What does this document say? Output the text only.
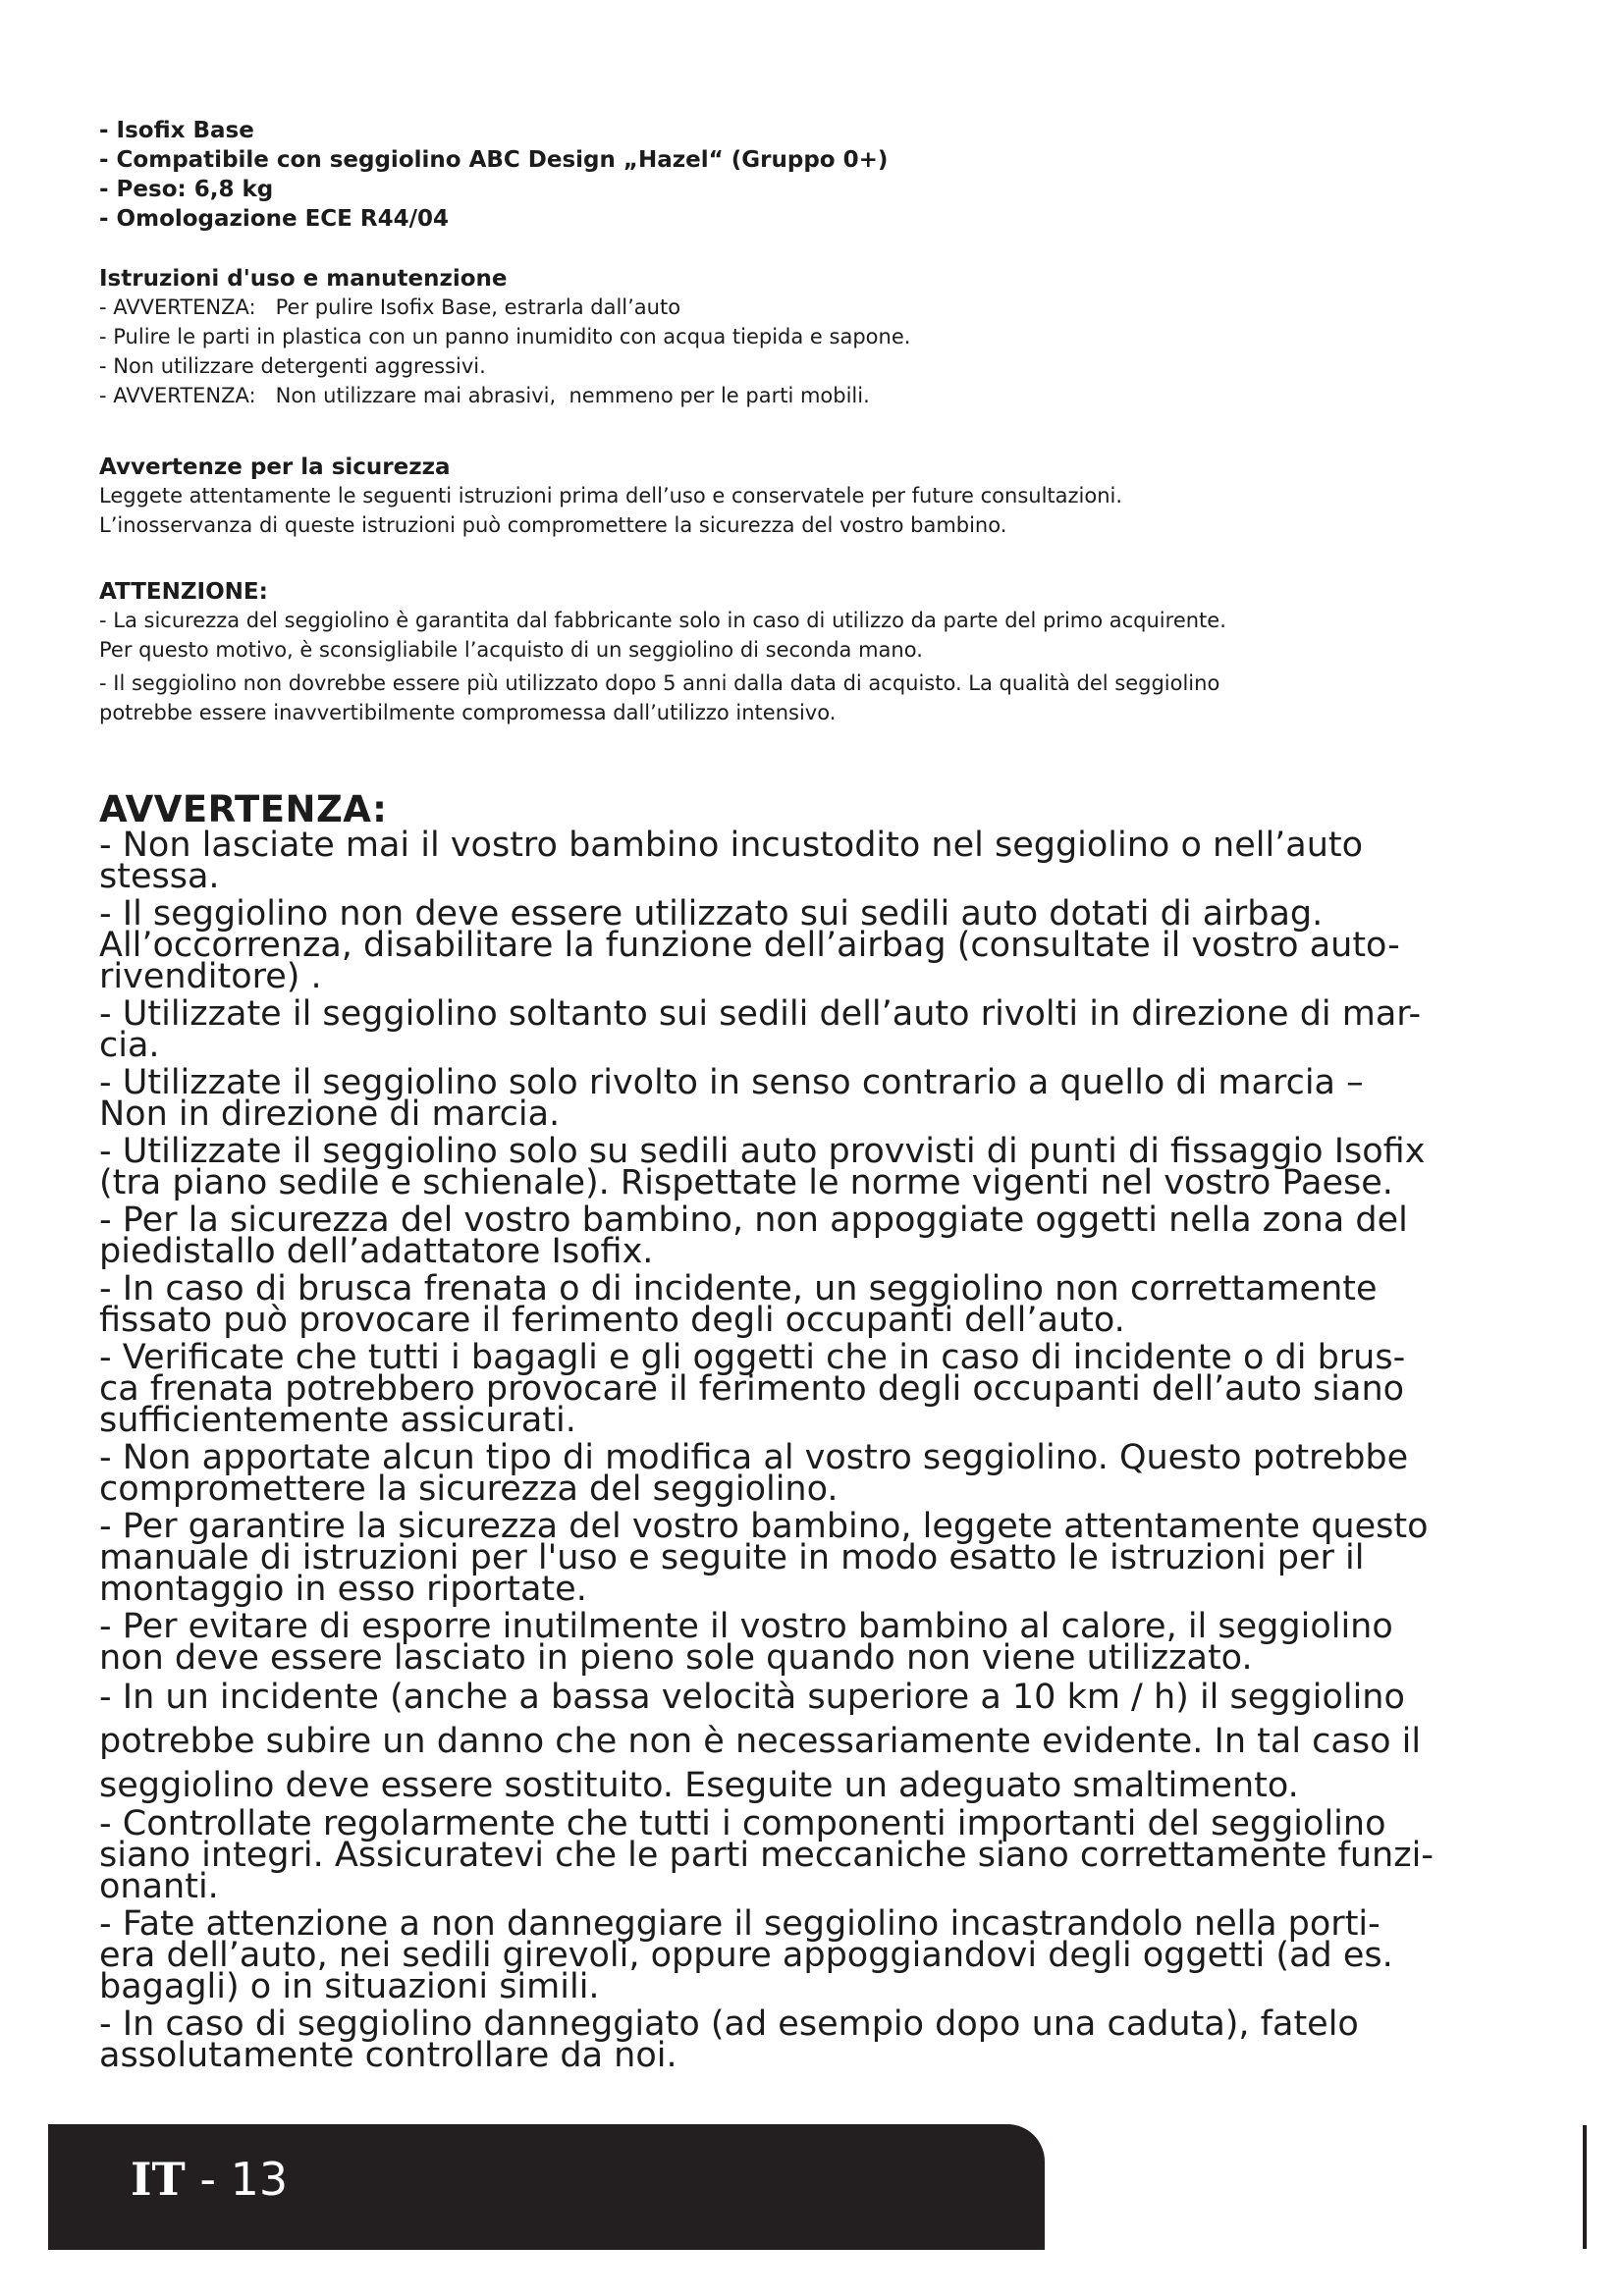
- Isofix Base
- Compatibile con seggiolino ABC Design „Hazel“ (Gruppo 0+)
- Peso: 6,8 kg
- Omologazione ECE R44/04
Istruzioni d'uso e manutenzione
- AVVERTENZA:   Per pulire Isofix Base, estrarla dall’auto
- Pulire le parti in plastica con un panno inumidito con acqua tiepida e sapone.
- Non utilizzare detergenti aggressivi.
- AVVERTENZA:   Non utilizzare mai abrasivi,  nemmeno per le parti mobili.
Avvertenze per la sicurezza
Leggete attentamente le seguenti istruzioni prima dell’uso e conservatele per future consultazioni.
L’inosservanza di queste istruzioni può compromettere la sicurezza del vostro bambino.
ATTENZIONE:
- La sicurezza del seggiolino è garantita dal fabbricante solo in caso di utilizzo da parte del primo acquirente.
Per questo motivo, è sconsigliabile l’acquisto di un seggiolino di seconda mano.
- Il seggiolino non dovrebbe essere più utilizzato dopo 5 anni dalla data di acquisto. La qualità del seggiolino
potrebbe essere inavvertibilmente compromessa dall’utilizzo intensivo.
AVVERTENZA:
- Non lasciate mai il vostro bambino incustodito nel seggiolino o nell’auto
stessa.
- Il seggiolino non deve essere utilizzato sui sedili auto dotati di airbag.
All’occorrenza, disabilitare la funzione dell’airbag (consultate il vostro auto-
rivenditore) .
- Utilizzate il seggiolino soltanto sui sedili dell’auto rivolti in direzione di mar-
cia.
- Utilizzate il seggiolino solo rivolto in senso contrario a quello di marcia –
Non in direzione di marcia.
- Utilizzate il seggiolino solo su sedili auto provvisti di punti di fissaggio Isofix
(tra piano sedile e schienale). Rispettate le norme vigenti nel vostro Paese.
- Per la sicurezza del vostro bambino, non appoggiate oggetti nella zona del
piedistallo dell’adattatore Isofix.
- In caso di brusca frenata o di incidente, un seggiolino non correttamente
fissato può provocare il ferimento degli occupanti dell’auto.
- Verificate che tutti i bagagli e gli oggetti che in caso di incidente o di brus-
ca frenata potrebbero provocare il ferimento degli occupanti dell’auto siano
sufficientemente assicurati.
- Non apportate alcun tipo di modifica al vostro seggiolino. Questo potrebbe
compromettere la sicurezza del seggiolino.
- Per garantire la sicurezza del vostro bambino, leggete attentamente questo
manuale di istruzioni per l'uso e seguite in modo esatto le istruzioni per il
montaggio in esso riportate.
- Per evitare di esporre inutilmente il vostro bambino al calore, il seggiolino
non deve essere lasciato in pieno sole quando non viene utilizzato.
- In un incidente (anche a bassa velocità superiore a 10 km / h) il seggiolino
potrebbe subire un danno che non è necessariamente evidente. In tal caso il
seggiolino deve essere sostituito. Eseguite un adeguato smaltimento.
- Controllate regolarmente che tutti i componenti importanti del seggiolino
siano integri. Assicuratevi che le parti meccaniche siano correttamente funzi-
onanti.
- Fate attenzione a non danneggiare il seggiolino incastrandolo nella porti-
era dell’auto, nei sedili girevoli, oppure appoggiandovi degli oggetti (ad es.
bagagli) o in situazioni simili.
- In caso di seggiolino danneggiato (ad esempio dopo una caduta), fatelo
assolutamente controllare da noi.
IT - 13
